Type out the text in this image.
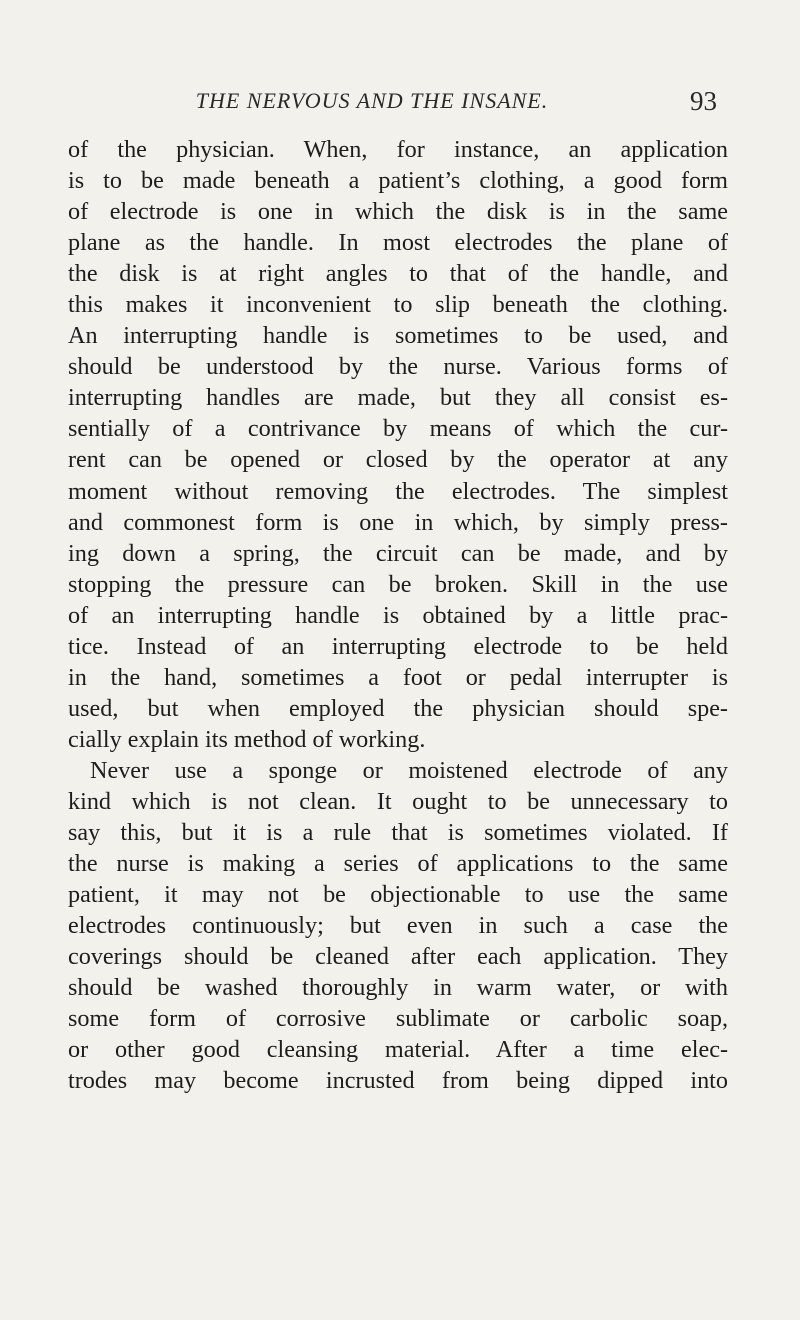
THE NERVOUS AND THE INSANE.	93
of the physician. When, for instance, an application
is to be made beneath a patient’s clothing, a good form
of electrode is one in which the disk is in the same
plane as the handle. In most electrodes the plane of
the disk is at right angles to that of the handle, and
this makes it inconvenient to slip beneath the clothing.
An interrupting handle is sometimes to be used, and
should be understood by the nurse. Various forms of
interrupting handles are made, but they all consist es-
sentially of a contrivance by means of which the cur-
rent can be opened or closed by the operator at any
moment without removing the electrodes. The simplest
and commonest form is one in which, by simply press-
ing down a spring, the circuit can be made, and by
stopping the pressure can be broken. Skill in the use
of an interrupting handle is obtained by a little prac-
tice. Instead of an interrupting electrode to be held
in the hand, sometimes a foot or pedal interrupter is
used, but when employed the physician should spe-
cially explain its method of working.
Never use a sponge or moistened electrode of any
kind which is not clean. It ought to be unnecessary to
say this, but it is a rule that is sometimes violated. If
the nurse is making a series of applications to the same
patient, it may not be objectionable to use the same
electrodes continuously; but even in such a case the
coverings should be cleaned after each application. They
should be washed thoroughly in warm water, or with
some form of corrosive sublimate or carbolic soap,
or other good cleansing material. After a time elec-
trodes may become incrusted from being dipped into
